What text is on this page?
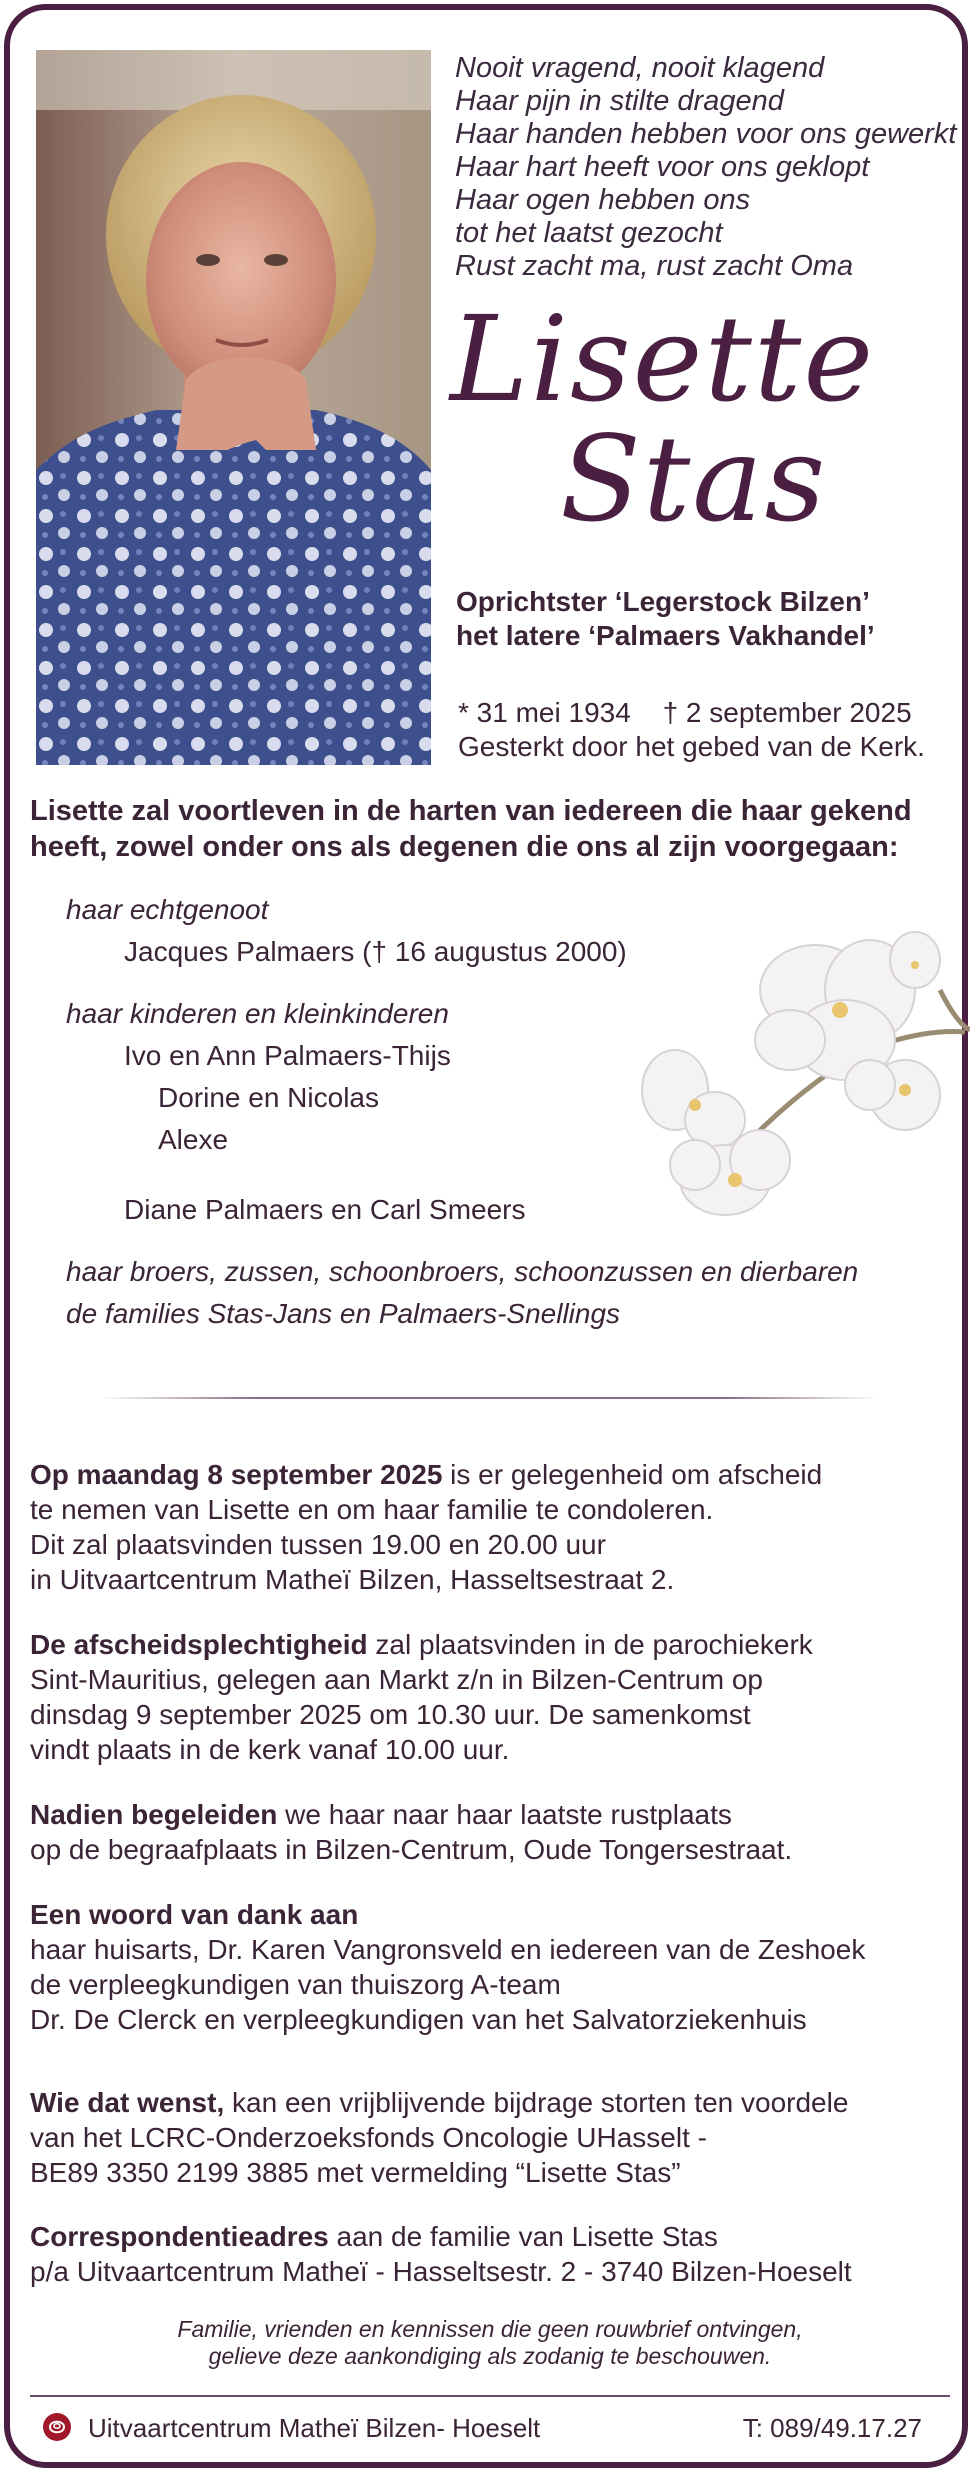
Nooit vragend, nooit klagend
Haar pijn in stilte dragend
Haar handen hebben voor ons gewerkt
Haar hart heeft voor ons geklopt
Haar ogen hebben ons
tot het laatst gezocht
Rust zacht ma, rust zacht Oma
Lisette
Stas
Oprichtster ‘Legerstock Bilzen’
het latere ‘Palmaers Vakhandel’
* 31 mei 1934 † 2 september 2025
Gesterkt door het gebed van de Kerk.
Lisette zal voortleven in de harten van iedereen die haar gekend
heeft, zowel onder ons als degenen die ons al zijn voorgegaan:
haar echtgenoot
Jacques Palmaers († 16 augustus 2000)
haar kinderen en kleinkinderen
Ivo en Ann Palmaers-Thijs
Dorine en Nicolas
Alexe
Diane Palmaers en Carl Smeers
haar broers, zussen, schoonbroers, schoonzussen en dierbaren
de families Stas-Jans en Palmaers-Snellings

Op maandag 8 september 2025 is er gelegenheid om afscheid

te nemen van Lisette en om haar familie te condoleren.

Dit zal plaatsvinden tussen 19.00 en 20.00 uur

in Uitvaartcentrum Matheï Bilzen, Hasseltsestraat 2.

De afscheidsplechtigheid zal plaatsvinden in de parochiekerk

Sint-Mauritius, gelegen aan Markt z/n in Bilzen-Centrum op

dinsdag 9 september 2025 om 10.30 uur. De samenkomst

vindt plaats in de kerk vanaf 10.00 uur.

Nadien begeleiden we haar naar haar laatste rustplaats

op de begraafplaats in Bilzen-Centrum, Oude Tongersestraat.

Een woord van dank aan

haar huisarts, Dr. Karen Vangronsveld en iedereen van de Zeshoek

de verpleegkundigen van thuiszorg A-team

Dr. De Clerck en verpleegkundigen van het Salvatorziekenhuis

Wie dat wenst, kan een vrijblijvende bijdrage storten ten voordele

van het LCRC-Onderzoeksfonds Oncologie UHasselt -

BE89 3350 2199 3885 met vermelding “Lisette Stas”

Correspondentieadres aan de familie van Lisette Stas

p/a Uitvaartcentrum Matheï - Hasseltsestr. 2 - 3740 Bilzen-Hoeselt

Familie, vrienden en kennissen die geen rouwbrief ontvingen,
gelieve deze aankondiging als zodanig te beschouwen.
Uitvaartcentrum Matheï Bilzen- Hoeselt	T: 089/49.17.27
